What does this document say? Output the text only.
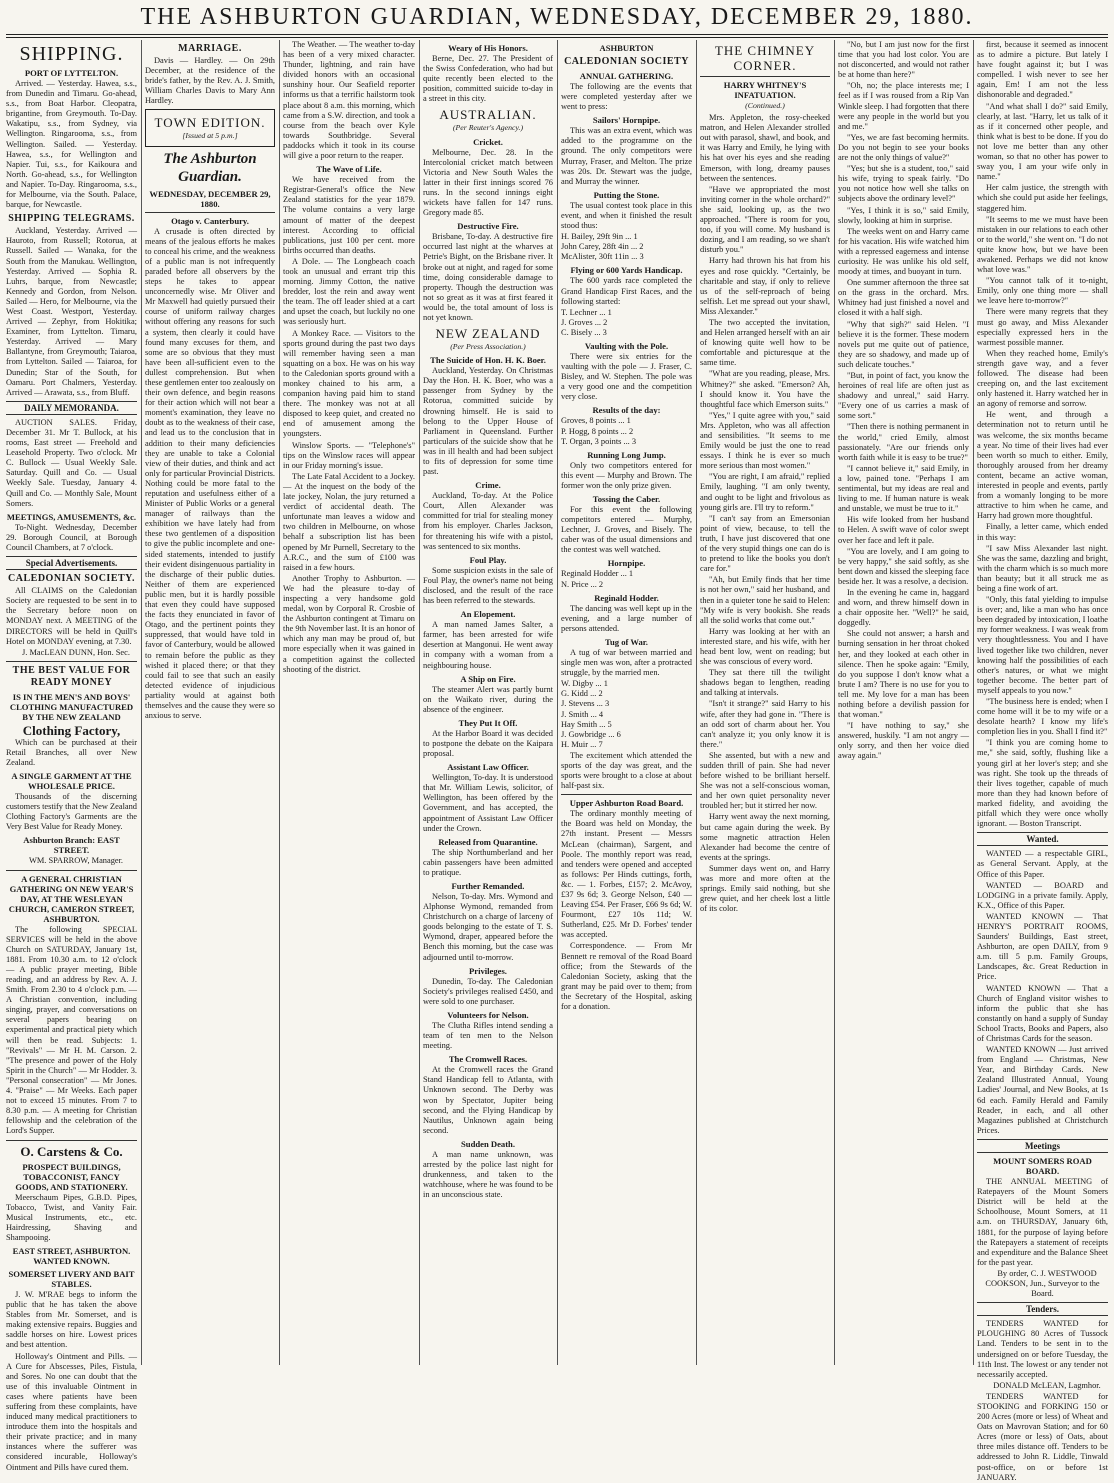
THE ASHBURTON GUARDIAN, WEDNESDAY, DECEMBER 29, 1880.
SHIPPING.
PORT OF LYTTELTON.
Arrived. — Yesterday. Hawea, s.s., from Dunedin and Timaru. Go-ahead, s.s., from Boat Harbor. Cleopatra, brigantine, from Greymouth. To-Day. Wakatipu, s.s., from Sydney, via Wellington. Ringarooma, s.s., from Wellington. Sailed. — Yesterday. Hawea, s.s., for Wellington and Napier. Tui, s.s., for Kaikoura and North. Go-ahead, s.s., for Wellington and Napier. To-Day. Ringarooma, s.s., for Melbourne, via the South. Palace, barque, for Newcastle.
SHIPPING TELEGRAMS.
Auckland, Yesterday. Arrived — Hauroto, from Russell; Rotorua, at Russell. Sailed — Wanaka, for the South from the Manukau. Wellington, Yesterday. Arrived — Sophia R. Luhrs, barque, from Newcastle; Kennedy and Gordon, from Nelson. Sailed — Hero, for Melbourne, via the West Coast. Westport, Yesterday. Arrived — Zephyr, from Hokitika; Examiner, from Lyttelton. Timaru, Yesterday. Arrived — Mary Ballantyne, from Greymouth; Taiaroa, from Lyttelton. Sailed — Taiaroa, for Dunedin; Star of the South, for Oamaru. Port Chalmers, Yesterday. Arrived — Arawata, s.s., from Bluff.
DAILY MEMORANDA.
AUCTION SALES. Friday, December 31. Mr T. Bullock, at his rooms, East street — Freehold and Leasehold Property. Two o'clock. Mr C. Bullock — Usual Weekly Sale. Saturday. Quill and Co. — Usual Weekly Sale. Tuesday, January 4. Quill and Co. — Monthly Sale, Mount Somers.
MEETINGS, AMUSEMENTS, &c.
To-Night. Wednesday, December 29. Borough Council, at Borough Council Chambers, at 7 o'clock.
Special Advertisements.
CALEDONIAN SOCIETY.
All CLAIMS on the Caledonian Society are requested to be sent in to the Secretary before noon on MONDAY next. A MEETING of the DIRECTORS will be held in Quill's Hotel on MONDAY evening, at 7.30.
J. MacLEAN DUNN, Hon. Sec.
THE BEST VALUE FOR READY MONEY
IS IN THE MEN'S AND BOYS' CLOTHING MANUFACTURED BY THE NEW ZEALAND
Clothing Factory,
Which can be purchased at their Retail Branches, all over New Zealand.
A SINGLE GARMENT AT THE WHOLESALE PRICE.
Thousands of the discerning customers testify that the New Zealand Clothing Factory's Garments are the Very Best Value for Ready Money.
Ashburton Branch: EAST STREET.
WM. SPARROW, Manager.
A GENERAL CHRISTIAN GATHERING ON NEW YEAR'S DAY, AT THE WESLEYAN CHURCH, CAMERON STREET, ASHBURTON.
The following SPECIAL SERVICES will be held in the above Church on SATURDAY, January 1st, 1881. From 10.30 a.m. to 12 o'clock — A public prayer meeting, Bible reading, and an address by Rev. A. J. Smith. From 2.30 to 4 o'clock p.m. — A Christian convention, including singing, prayer, and conversations on several papers bearing on experimental and practical piety which will then be read. Subjects: 1. "Revivals" — Mr H. M. Carson. 2. "The presence and power of the Holy Spirit in the Church" — Mr Hodder. 3. "Personal consecration" — Mr Jones. 4. "Praise" — Mr Weeks. Each paper not to exceed 15 minutes. From 7 to 8.30 p.m. — A meeting for Christian fellowship and the celebration of the Lord's Supper.
O. Carstens & Co.
PROSPECT BUILDINGS, TOBACCONIST, FANCY GOODS, AND STATIONERY.
Meerschaum Pipes, G.B.D. Pipes, Tobacco, Twist, and Vanity Fair. Musical Instruments, etc., etc. Hairdressing, Shaving and Shampooing.
EAST STREET, ASHBURTON. WANTED KNOWN.
SOMERSET LIVERY AND BAIT STABLES.
J. W. M'RAE begs to inform the public that he has taken the above Stables from Mr. Somerset, and is making extensive repairs. Buggies and saddle horses on hire. Lowest prices and best attention.
Holloway's Ointment and Pills. — A Cure for Abscesses, Piles, Fistula, and Sores. No one can doubt that the use of this invaluable Ointment in cases where patients have been suffering from these complaints, have induced many medical practitioners to introduce them into the hospitals and their private practice; and in many instances where the sufferer was considered incurable, Holloway's Ointment and Pills have cured them.
MARRIAGE.
Davis — Hardley. — On 29th December, at the residence of the bride's father, by the Rev. A. J. Smith, William Charles Davis to Mary Ann Hardley.
TOWN EDITION.
[Issued at 5 p.m.]
The Ashburton Guardian.
WEDNESDAY, DECEMBER 29, 1880.
Otago v. Canterbury.
A crusade is often directed by means of the jealous efforts he makes to conceal his crime, and the weakness of a public man is not infrequently paraded before all observers by the steps he takes to appear unconcernedly wise. Mr Oliver and Mr Maxwell had quietly pursued their course of uniform railway charges without offering any reasons for such a system, then clearly it could have found many excuses for them, and some are so obvious that they must have been all-sufficient even to the dullest comprehension. But when these gentlemen enter too zealously on their own defence, and begin reasons for their action which will not bear a moment's examination, they leave no doubt as to the weakness of their case, and lead us to the conclusion that in addition to their many deficiencies they are unable to take a Colonial view of their duties, and think and act only for particular Provincial Districts. Nothing could be more fatal to the reputation and usefulness either of a Minister of Public Works or a general manager of railways than the exhibition we have lately had from these two gentlemen of a disposition to give the public incomplete and one-sided statements, intended to justify their evident disingenuous partiality in the discharge of their public duties. Neither of them are experienced public men, but it is hardly possible that even they could have supposed the facts they enunciated in favor of Otago, and the pertinent points they suppressed, that would have told in favor of Canterbury, would be allowed to remain before the public as they wished it placed there; or that they could fail to see that such an easily detected evidence of injudicious partiality would at against both themselves and the cause they were so anxious to serve.
The Weather. — The weather to-day has been of a very mixed character. Thunder, lightning, and rain have divided honors with an occasional sunshiny hour. Our Seafield reporter informs us that a terrific hailstorm took place about 8 a.m. this morning, which came from a S.W. direction, and took a course from the beach over Kyle towards Southbridge. Several paddocks which it took in its course will give a poor return to the reaper.
The Wave of Life.
We have received from the Registrar-General's office the New Zealand statistics for the year 1879. The volume contains a very large amount of matter of the deepest interest. According to official publications, just 100 per cent. more births occurred than deaths.
A Dole. — The Longbeach coach took an unusual and errant trip this morning. Jimmy Cotton, the native bredder, lost the rein and away went the team. The off leader shied at a cart and upset the coach, but luckily no one was seriously hurt.
A Monkey Race. — Visitors to the sports ground during the past two days will remember having seen a man squatting on a box. He was on his way to the Caledonian sports ground with a monkey chained to his arm, a companion having paid him to stand there. The monkey was not at all disposed to keep quiet, and created no end of amusement among the youngsters.
Winslow Sports. — "Telephone's" tips on the Winslow races will appear in our Friday morning's issue.
The Late Fatal Accident to a Jockey. — At the inquest on the body of the late jockey, Nolan, the jury returned a verdict of accidental death. The unfortunate man leaves a widow and two children in Melbourne, on whose behalf a subscription list has been opened by Mr Purnell, Secretary to the A.R.C., and the sum of £100 was raised in a few hours.
Another Trophy to Ashburton. — We had the pleasure to-day of inspecting a very handsome gold medal, won by Corporal R. Crosbie of the Ashburton contingent at Timaru on the 9th November last. It is an honor of which any man may be proud of, but more especially when it was gained in a competition against the collected shooting of the district.
Weary of His Honors.
Berne, Dec. 27. The President of the Swiss Confederation, who had but quite recently been elected to the position, committed suicide to-day in a street in this city.
AUSTRALIAN.
(Per Reuter's Agency.)
Cricket.
Melbourne, Dec. 28. In the Intercolonial cricket match between Victoria and New South Wales the latter in their first innings scored 76 runs. In the second innings eight wickets have fallen for 147 runs. Gregory made 85.
Destructive Fire.
Brisbane, To-day. A destructive fire occurred last night at the wharves at Petrie's Bight, on the Brisbane river. It broke out at night, and raged for some time, doing considerable damage to property. Though the destruction was not so great as it was at first feared it would be, the total amount of loss is not yet known.
NEW ZEALAND
(Per Press Association.)
The Suicide of Hon. H. K. Boer.
Auckland, Yesterday. On Christmas Day the Hon. H. K. Boer, who was a passenger from Sydney by the Rotorua, committed suicide by drowning himself. He is said to belong to the Upper House of Parliament in Queensland. Further particulars of the suicide show that he was in ill health and had been subject to fits of depression for some time past.
Crime.
Auckland, To-day. At the Police Court, Allen Alexander was committed for trial for stealing money from his employer. Charles Jackson, for threatening his wife with a pistol, was sentenced to six months.
Foul Play.
Some suspicion exists in the sale of Foul Play, the owner's name not being disclosed, and the result of the race has been referred to the stewards.
An Elopement.
A man named James Salter, a farmer, has been arrested for wife desertion at Mangonui. He went away in company with a woman from a neighbouring house.
A Ship on Fire.
The steamer Alert was partly burnt on the Waikato river, during the absence of the engineer.
They Put It Off.
At the Harbor Board it was decided to postpone the debate on the Kaipara proposal.
Assistant Law Officer.
Wellington, To-day. It is understood that Mr. William Lewis, solicitor, of Wellington, has been offered by the Government, and has accepted, the appointment of Assistant Law Officer under the Crown.
Released from Quarantine.
The ship Northumberland and her cabin passengers have been admitted to pratique.
Further Remanded.
Nelson, To-day. Mrs. Wymond and Alphonse Wymond, remanded from Christchurch on a charge of larceny of goods belonging to the estate of T. S. Wymond, draper, appeared before the Bench this morning, but the case was adjourned until to-morrow.
Privileges.
Dunedin, To-day. The Caledonian Society's privileges realised £450, and were sold to one purchaser.
Volunteers for Nelson.
The Clutha Rifles intend sending a team of ten men to the Nelson meeting.
The Cromwell Races.
At the Cromwell races the Grand Stand Handicap fell to Atlanta, with Unknown second. The Derby was won by Spectator, Jupiter being second, and the Flying Handicap by Nautilus, Unknown again being second.
Sudden Death.
A man name unknown, was arrested by the police last night for drunkenness, and taken to the watchhouse, where he was found to be in an unconscious state.
ASHBURTON
CALEDONIAN SOCIETY
ANNUAL GATHERING.
The following are the events that were completed yesterday after we went to press:
Sailors' Hornpipe.
This was an extra event, which was added to the programme on the ground. The only competitors were Murray, Fraser, and Melton. The prize was 20s. Dr. Stewart was the judge, and Murray the winner.
Putting the Stone.
The usual contest took place in this event, and when it finished the result stood thus:
H. Bailey, 29ft 9in ... 1
John Carey, 28ft 4in ... 2
McAlister, 30ft 11in ... 3
Flying or 600 Yards Handicap.
The 600 yards race completed the Grand Handicap First Races, and the following started:
T. Lechner ... 1
J. Groves ... 2
C. Bisely ... 3
Vaulting with the Pole.
There were six entries for the vaulting with the pole — J. Fraser, C. Bisley, and W. Stephen. The pole was a very good one and the competition very close.
Results of the day:
Groves, 8 points ... 1
P. Hogg, 8 points ... 2
T. Organ, 3 points ... 3
Running Long Jump.
Only two competitors entered for this event — Murphy and Brown. The former won the only prize given.
Tossing the Caber.
For this event the following competitors entered — Murphy, Lechner, J. Groves, and Bisely. The caber was of the usual dimensions and the contest was well watched.
Hornpipe.
Reginald Hodder ... 1
N. Price ... 2
Reginald Hodder.
The dancing was well kept up in the evening, and a large number of persons attended.
Tug of War.
A tug of war between married and single men was won, after a protracted struggle, by the married men.
W. Digby ... 1
G. Kidd ... 2
J. Stevens ... 3
J. Smith ... 4
Hay Smith ... 5
J. Gowbridge ... 6
H. Muir ... 7
The excitement which attended the sports of the day was great, and the sports were brought to a close at about half-past six.
Upper Ashburton Road Board.
The ordinary monthly meeting of the Board was held on Monday, the 27th instant. Present — Messrs McLean (chairman), Sargent, and Poole. The monthly report was read, and tenders were opened and accepted as follows: Per Hinds cuttings, forth, &c. — 1. Forbes, £157; 2. McAvoy, £37 9s 6d; 3. George Nelson, £40 — Leaving £54. Per Fraser, £66 9s 6d; W. Fourmont, £27 10s 11d; W. Sutherland, £25. Mr D. Forbes' tender was accepted.
Correspondence. — From Mr Bennett re removal of the Road Board office; from the Stewards of the Caledonian Society, asking that the grant may be paid over to them; from the Secretary of the Hospital, asking for a donation.
THE CHIMNEY CORNER.
HARRY WHITNEY'S INFATUATION.
(Continued.)
Mrs. Appleton, the rosy-cheeked matron, and Helen Alexander strolled out with parasol, shawl, and book, and it was Harry and Emily, he lying with his hat over his eyes and she reading Emerson, with long, dreamy pauses between the sentences.
"Have we appropriated the most inviting corner in the whole orchard?" she said, looking up, as the two approached. "There is room for you, too, if you will come. My husband is dozing, and I am reading, so we shan't disturb you."
Harry had thrown his hat from his eyes and rose quickly. "Certainly, be charitable and stay, if only to relieve us of the self-reproach of being selfish. Let me spread out your shawl, Miss Alexander."
The two accepted the invitation, and Helen arranged herself with an air of knowing quite well how to be comfortable and picturesque at the same time.
"What are you reading, please, Mrs. Whitney?" she asked. "Emerson? Ah, I should know it. You have the thoughtful face which Emerson suits."
"Yes," I quite agree with you," said Mrs. Appleton, who was all affection and sensibilities. "It seems to me Emily would be just the one to read essays. I think he is ever so much more serious than most women."
"You are right, I am afraid," replied Emily, laughing. "I am only twenty, and ought to be light and frivolous as young girls are. I'll try to reform."
"I can't say from an Emersonian point of view, because, to tell the truth, I have just discovered that one of the very stupid things one can do is to pretend to like the books you don't care for."
"Ah, but Emily finds that her time is not her own," said her husband, and then in a quieter tone he said to Helen: "My wife is very bookish. She reads all the solid works that come out."
Harry was looking at her with an interested stare, and his wife, with her head bent low, went on reading; but she was conscious of every word.
They sat there till the twilight shadows began to lengthen, reading and talking at intervals.
"Isn't it strange?" said Harry to his wife, after they had gone in. "There is an odd sort of charm about her. You can't analyze it; you only know it is there."
She assented, but with a new and sudden thrill of pain. She had never before wished to be brilliant herself. She was not a self-conscious woman, and her own quiet personality never troubled her; but it stirred her now.
Harry went away the next morning, but came again during the week. By some magnetic attraction Helen Alexander had become the centre of events at the springs.
Summer days went on, and Harry was more and more often at the springs. Emily said nothing, but she grew quiet, and her cheek lost a little of its color.
"No, but I am just now for the first time that you had lost color. You are not disconcerted, and would not rather be at home than here?"
"Oh, no; the place interests me; I feel as if I was roused from a Rip Van Winkle sleep. I had forgotten that there were any people in the world but you and me."
"Yes, we are fast becoming hermits. Do you not begin to see your books are not the only things of value?"
"Yes; but she is a student, too," said his wife, trying to speak fairly. "Do you not notice how well she talks on subjects above the ordinary level?"
"Yes, I think it is so," said Emily, slowly, looking at him in surprise.
The weeks went on and Harry came for his vacation. His wife watched him with a repressed eagerness and intense curiosity. He was unlike his old self, moody at times, and buoyant in turn.
One summer afternoon the three sat on the grass in the orchard. Mrs. Whitney had just finished a novel and closed it with a half sigh.
"Why that sigh?" said Helen. "I believe it is the former. These modern novels put me quite out of patience, they are so shadowy, and made up of such delicate touches."
"But, in point of fact, you know the heroines of real life are often just as shadowy and unreal," said Harry. "Every one of us carries a mask of some sort."
"Then there is nothing permanent in the world," cried Emily, almost passionately. "Are our friends only worth faith while it is easy to be true?"
"I cannot believe it," said Emily, in a low, pained tone. "Perhaps I am sentimental, but my ideas are real and living to me. If human nature is weak and unstable, we must be true to it."
His wife looked from her husband to Helen. A swift wave of color swept over her face and left it pale.
"You are lovely, and I am going to be very happy," she said softly, as she bent down and kissed the sleeping face beside her. It was a resolve, a decision.
In the evening he came in, haggard and worn, and threw himself down in a chair opposite her. "Well?" he said, doggedly.
She could not answer; a harsh and burning sensation in her throat choked her, and they looked at each other in silence. Then he spoke again: "Emily, do you suppose I don't know what a brute I am? There is no use for you to tell me. My love for a man has been nothing before a devilish passion for that woman."
"I have nothing to say," she answered, huskily. "I am not angry — only sorry, and then her voice died away again."
first, because it seemed as innocent as to admire a picture. But lately I have fought against it; but I was compelled. I wish never to see her again, Em! I am not the less dishonorable and degraded."
"And what shall I do?" said Emily, clearly, at last. "Harry, let us talk of it as if it concerned other people, and think what is best to be done. If you do not love me better than any other woman, so that no other has power to sway you, I am your wife only in name."
Her calm justice, the strength with which she could put aside her feelings, staggered him.
"It seems to me we must have been mistaken in our relations to each other or to the world," she went on. "I do not quite know how, but we have been awakened. Perhaps we did not know what love was."
"You cannot talk of it to-night, Emily, only one thing more — shall we leave here to-morrow?"
There were many regrets that they must go away, and Miss Alexander especially expressed hers in the warmest possible manner.
When they reached home, Emily's strength gave way, and a fever followed. The disease had been creeping on, and the last excitement only hastened it. Harry watched her in an agony of remorse and sorrow.
He went, and through a determination not to return until he was welcome, the six months became a year. No time of their lives had ever been worth so much to either. Emily, thoroughly aroused from her dreamy content, became an active woman, interested in people and events, partly from a womanly longing to be more attractive to him when he came, and Harry had grown more thoughtful.
Finally, a letter came, which ended in this way:
"I saw Miss Alexander last night. She was the same, dazzling and bright, with the charm which is so much more than beauty; but it all struck me as being a fine work of art.
"Only, this fatal yielding to impulse is over; and, like a man who has once been degraded by intoxication, I loathe my former weakness. I was weak from very thoughtlessness. You and I have lived together like two children, never knowing half the possibilities of each other's natures, or what we might together become. The better part of myself appeals to you now."
"The business here is ended; when I come home will it be to my wife or a desolate hearth? I know my life's completion lies in you. Shall I find it?"
"I think you are coming home to me," she said, softly, flushing like a young girl at her lover's step; and she was right. She took up the threads of their lives together, capable of much more than they had known before of marked fidelity, and avoiding the pitfall which they were once wholly ignorant. — Boston Transcript.
Wanted.
WANTED — a respectable GIRL, as General Servant. Apply, at the Office of this Paper.
WANTED — BOARD and LODGING in a private family. Apply, K.X., Office of this Paper.
WANTED KNOWN — That HENRY'S PORTRAIT ROOMS, Saunders' Buildings, East street, Ashburton, are open DAILY, from 9 a.m. till 5 p.m. Family Groups, Landscapes, &c. Great Reduction in Price.
WANTED KNOWN — That a Church of England visitor wishes to inform the public that she has constantly on hand a supply of Sunday School Tracts, Books and Papers, also of Christmas Cards for the season.
WANTED KNOWN — Just arrived from England — Christmas, New Year, and Birthday Cards. New Zealand Illustrated Annual, Young Ladies' Journal, and New Books, at 1s 6d each. Family Herald and Family Reader, in each, and all other Magazines published at Christchurch Prices.
Meetings
MOUNT SOMERS ROAD BOARD.
THE ANNUAL MEETING of Ratepayers of the Mount Somers District will be held at the Schoolhouse, Mount Somers, at 11 a.m. on THURSDAY, January 6th, 1881, for the purpose of laying before the Ratepayers a statement of receipts and expenditure and the Balance Sheet for the past year.
By order, C. J. WESTWOOD COOKSON, Jun., Surveyor to the Board.
Tenders.
TENDERS WANTED for PLOUGHING 80 Acres of Tussock Land. Tenders to be sent in to the undersigned on or before Tuesday, the 11th Inst. The lowest or any tender not necessarily accepted.
DONALD McLEAN, Lagmhor.
TENDERS WANTED for STOOKING and FORKING 150 or 200 Acres (more or less) of Wheat and Oats on Mavrovan Station; and for 60 Acres (more or less) of Oats, about three miles distance off. Tenders to be addressed to John R. Liddle, Tinwald post-office, on or before 1st JANUARY.
